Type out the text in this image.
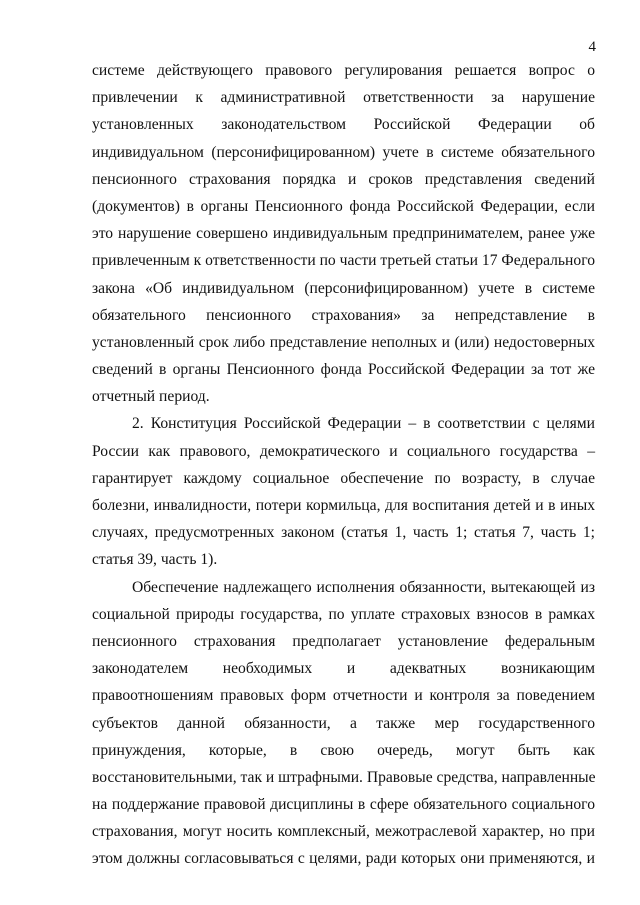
4
системе действующего правового регулирования решается вопрос о
привлечении к административной ответственности за нарушение
установленных законодательством Российской Федерации об
индивидуальном (персонифицированном) учете в системе обязательного
пенсионного страхования порядка и сроков представления сведений
(документов) в органы Пенсионного фонда Российской Федерации, если
это нарушение совершено индивидуальным предпринимателем, ранее уже
привлеченным к ответственности по части третьей статьи 17 Федерального
закона «Об индивидуальном (персонифицированном) учете в системе
обязательного пенсионного страхования» за непредставление в
установленный срок либо представление неполных и (или) недостоверных
сведений в органы Пенсионного фонда Российской Федерации за тот же
отчетный период.
2. Конституция Российской Федерации – в соответствии с целями
России как правового, демократического и социального государства –
гарантирует каждому социальное обеспечение по возрасту, в случае
болезни, инвалидности, потери кормильца, для воспитания детей и в иных
случаях, предусмотренных законом (статья 1, часть 1; статья 7, часть 1;
статья 39, часть 1).
Обеспечение надлежащего исполнения обязанности, вытекающей из
социальной природы государства, по уплате страховых взносов в рамках
пенсионного страхования предполагает установление федеральным
законодателем необходимых и адекватных возникающим
правоотношениям правовых форм отчетности и контроля за поведением
субъектов данной обязанности, а также мер государственного
принуждения, которые, в свою очередь, могут быть как
восстановительными, так и штрафными. Правовые средства, направленные
на поддержание правовой дисциплины в сфере обязательного социального
страхования, могут носить комплексный, межотраслевой характер, но при
этом должны согласовываться с целями, ради которых они применяются, и
